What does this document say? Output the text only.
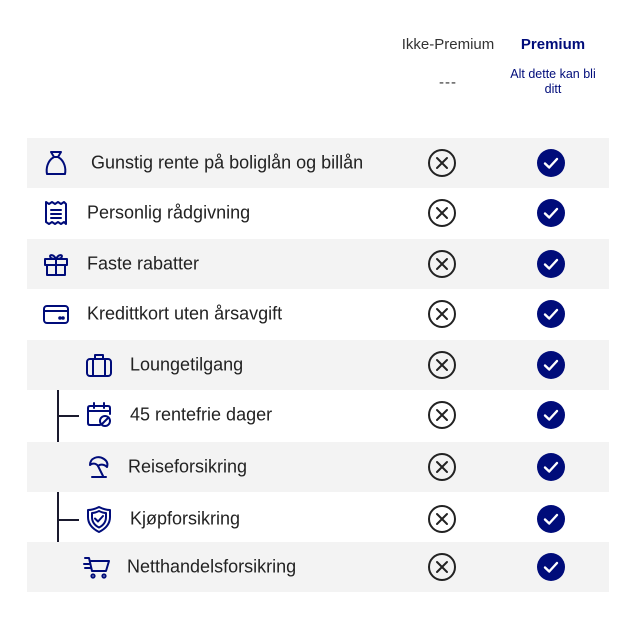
Ikke-Premium	Premium
---	Alt dette kan bli ditt
Gunstig rente på boliglån og billån
Personlig rådgivning
Faste rabatter
Kredittkort uten årsavgift
Loungetilgang
45 rentefrie dager
Reiseforsikring
Kjøpforsikring
Netthandelsforsikring
